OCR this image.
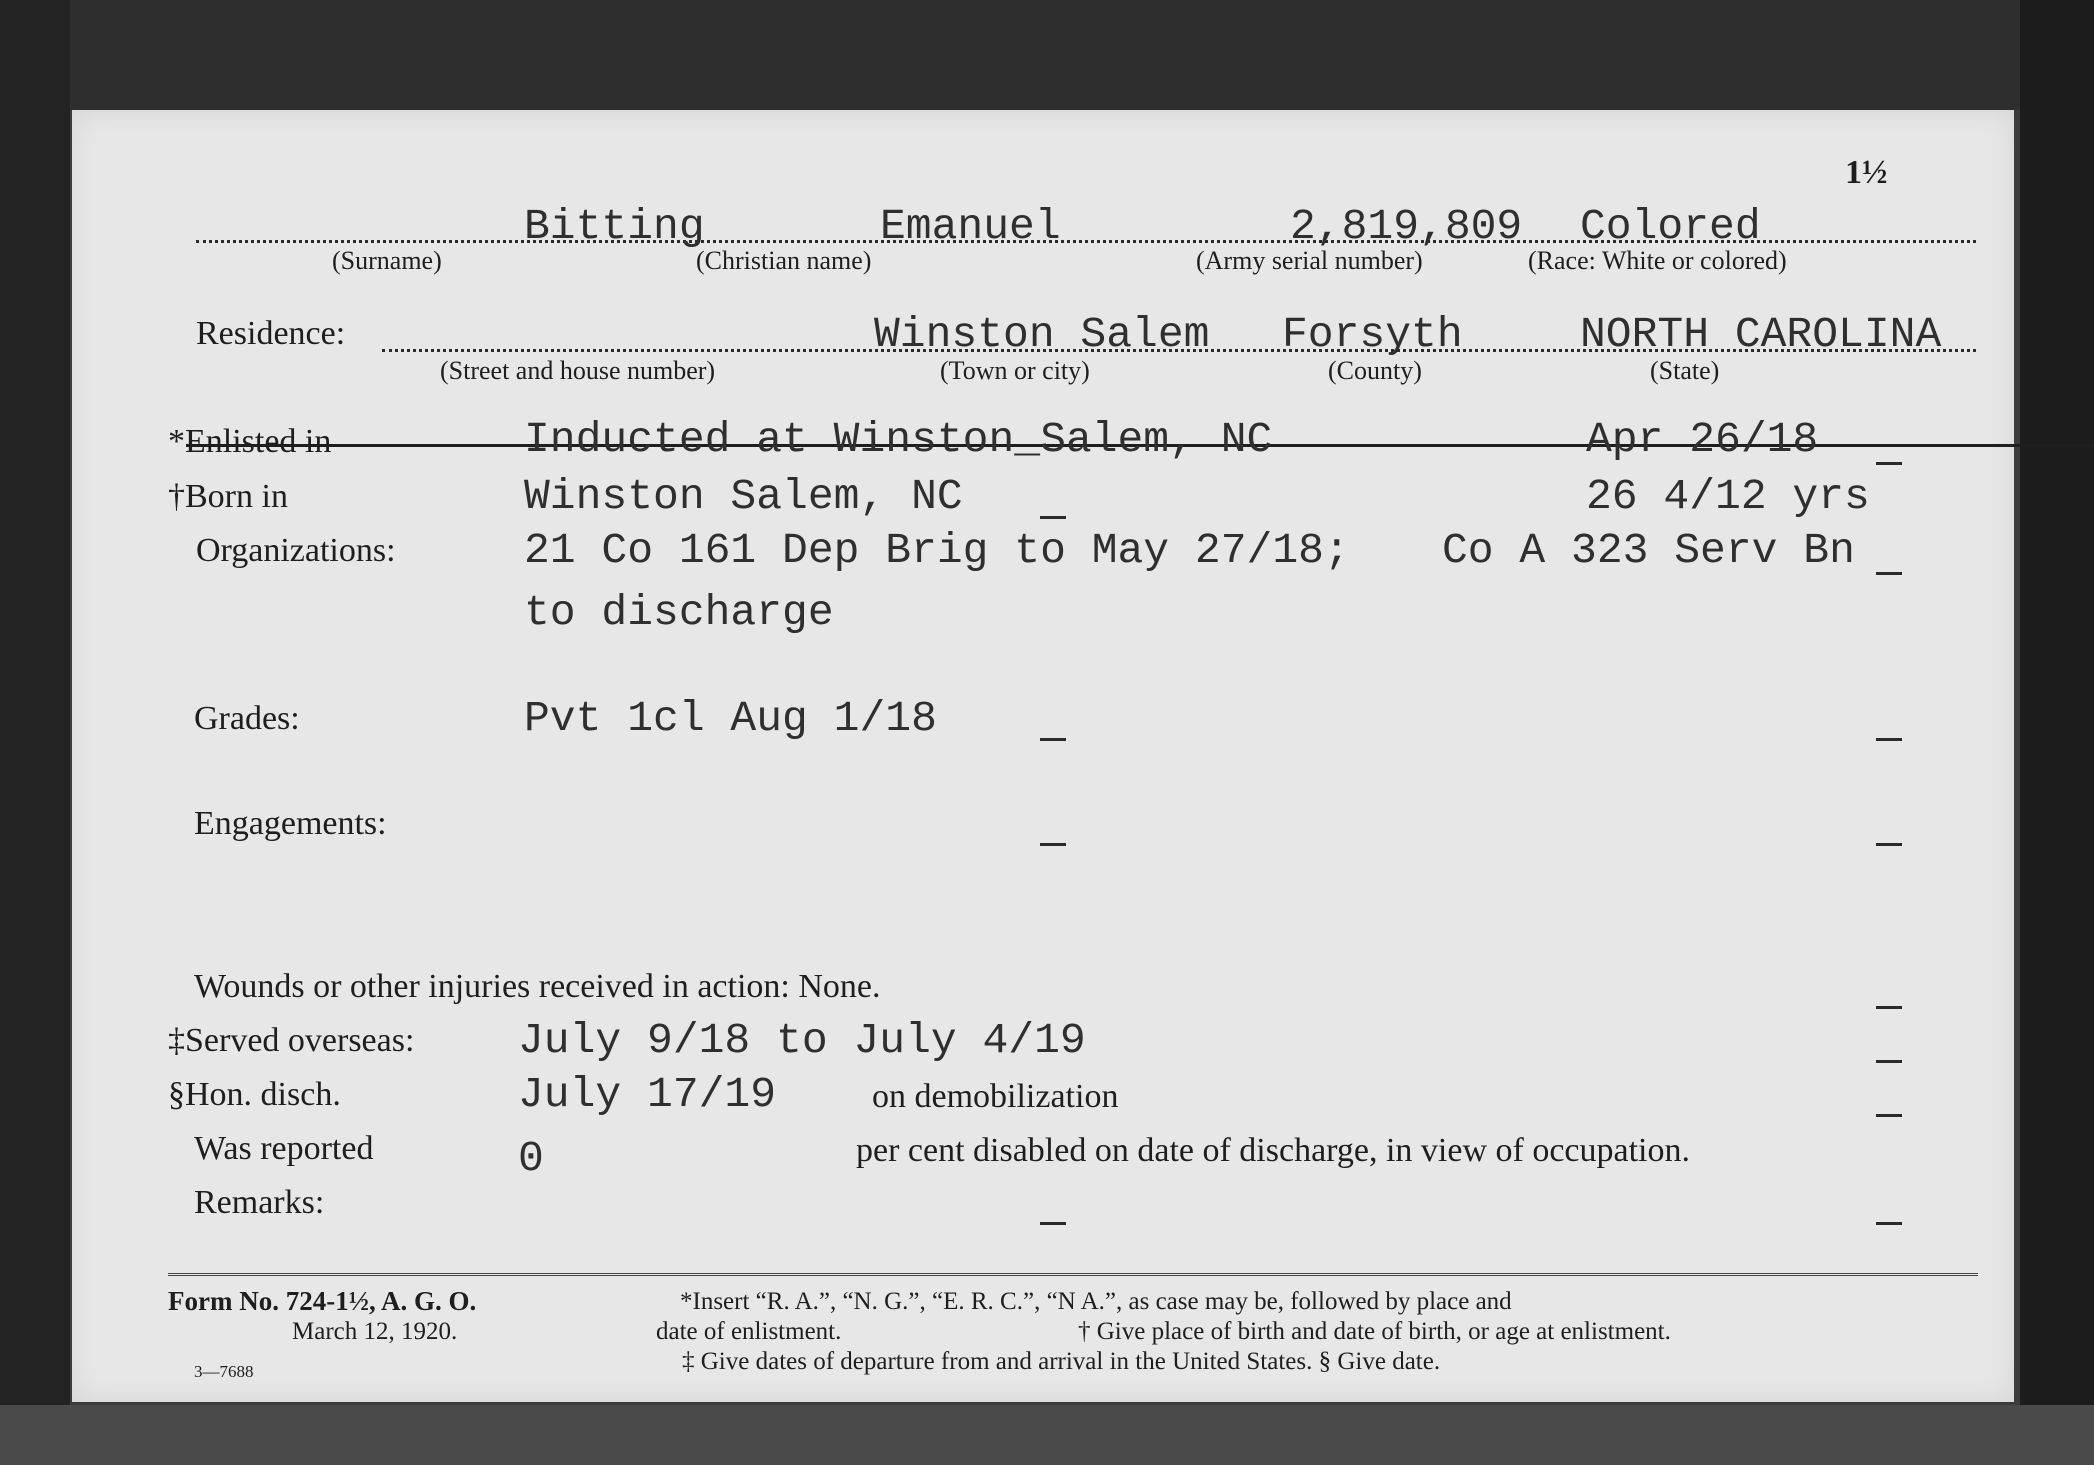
1½
Bitting	Emanuel	2,819,809 Colored
(Surname)	(Christian name)	(Army serial number)	(Race: White or colored)
Residence:	Winston Salem Forsyth	NORTH CAROLINA
(Street and house number)	(Town or city)	(County)	(State)
*Enlisted in	Inducted at Winston_Salem, NC	Apr 26/18
†Born in	Winston Salem, NC	26 4/12 yrs
Organizations:	21 Co 161 Dep Brig to May 27/18; Co A 323 Serv Bn
to discharge
Grades:	Pvt 1cl Aug 1/18
Engagements:
Wounds or other injuries received in action: None.
‡Served overseas: July 9/18 to July 4/19
§Hon. disch.	July 17/19	on demobilization
Was reported	0	per cent disabled on date of discharge, in view of occupation.
Remarks:
Form No. 724-1½, A. G. O.
March 12, 1920.
3—7688
*Insert “R. A.”, “N. G.”, “E. R. C.”, “N A.”, as case may be, followed by place and
date of enlistment.	† Give place of birth and date of birth, or age at enlistment.
‡ Give dates of departure from and arrival in the United States. § Give date.
